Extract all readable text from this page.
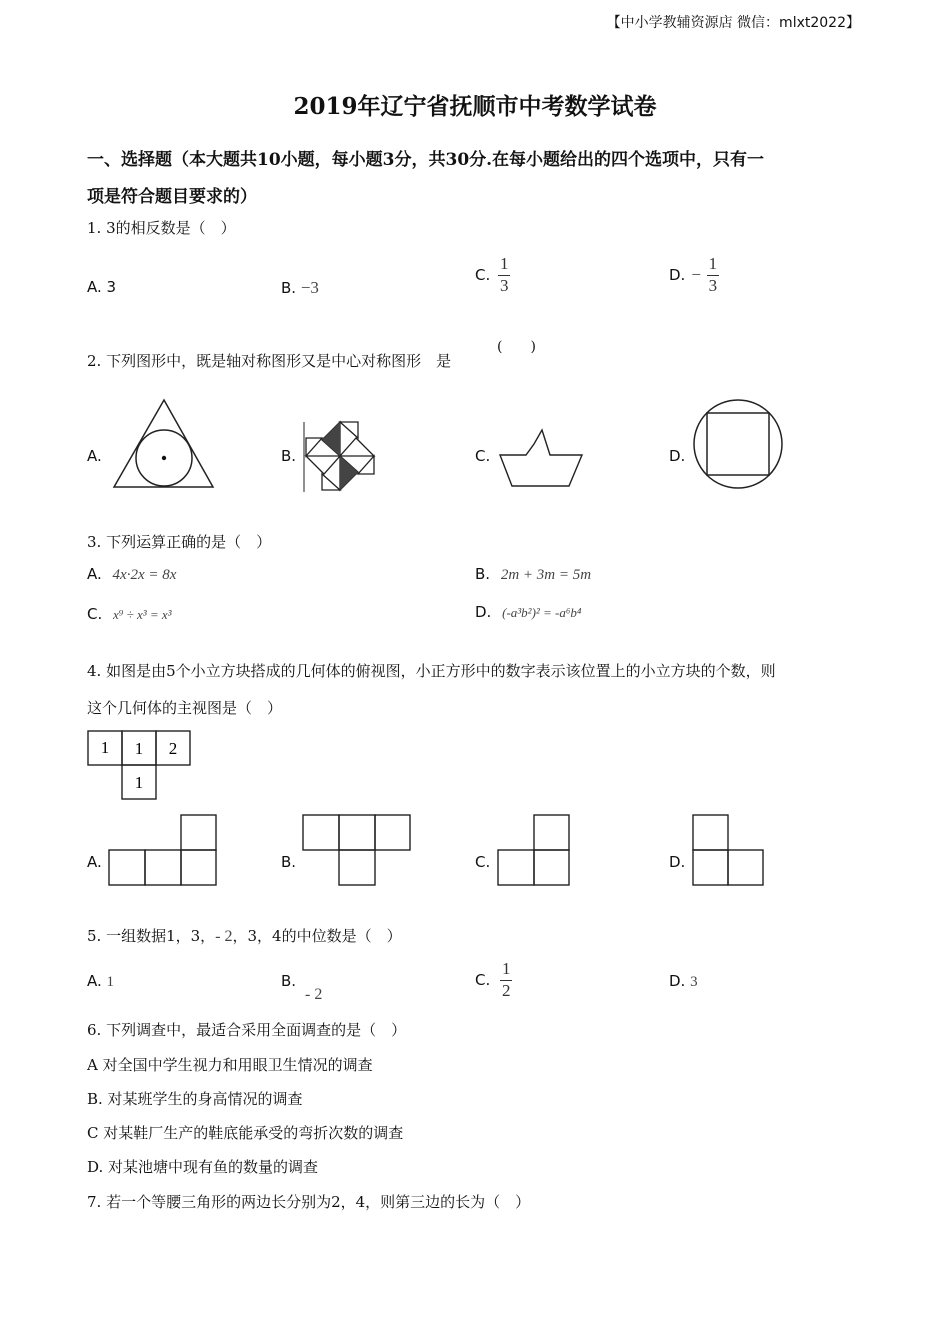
【中小学教辅资源店 微信：mlxt2022】
2019年辽宁省抚顺市中考数学试卷
一、选择题（本大题共10小题，每小题3分，共30分.在每小题给出的四个选项中，只有一
项是符合题目要求的）
1. 3的相反数是（　）
A. 3	B. −3
C. $\frac{1}{3}$	D. − $\frac{1}{3}$
2. 下列图形中，既是轴对称图形又是中心对称图形　是
(　　)
A.	B.	C.	D.
3. 下列运算正确的是（　）
A. 4x·2x = 8x	B. 2m + 3m = 5m
C. x⁹ ÷ x³ = x³	D. (-a³b²)² = -a⁶b⁴
4. 如图是由5个小立方块搭成的几何体的俯视图，小正方形中的数字表示该位置上的小立方块的个数，则
这个几何体的主视图是（　）
1 1 2
1
A.	B.	C.	D.
5. 一组数据1，3，- 2，3，4的中位数是（　）
A. 1	B.
- 2
C. $\frac{1}{2}$	D. 3
6. 下列调查中，最适合采用全面调查的是（　）
A 对全国中学生视力和用眼卫生情况的调查
B. 对某班学生的身高情况的调查
C 对某鞋厂生产的鞋底能承受的弯折次数的调查
D. 对某池塘中现有鱼的数量的调查
7. 若一个等腰三角形的两边长分别为2，4，则第三边的长为（　）
